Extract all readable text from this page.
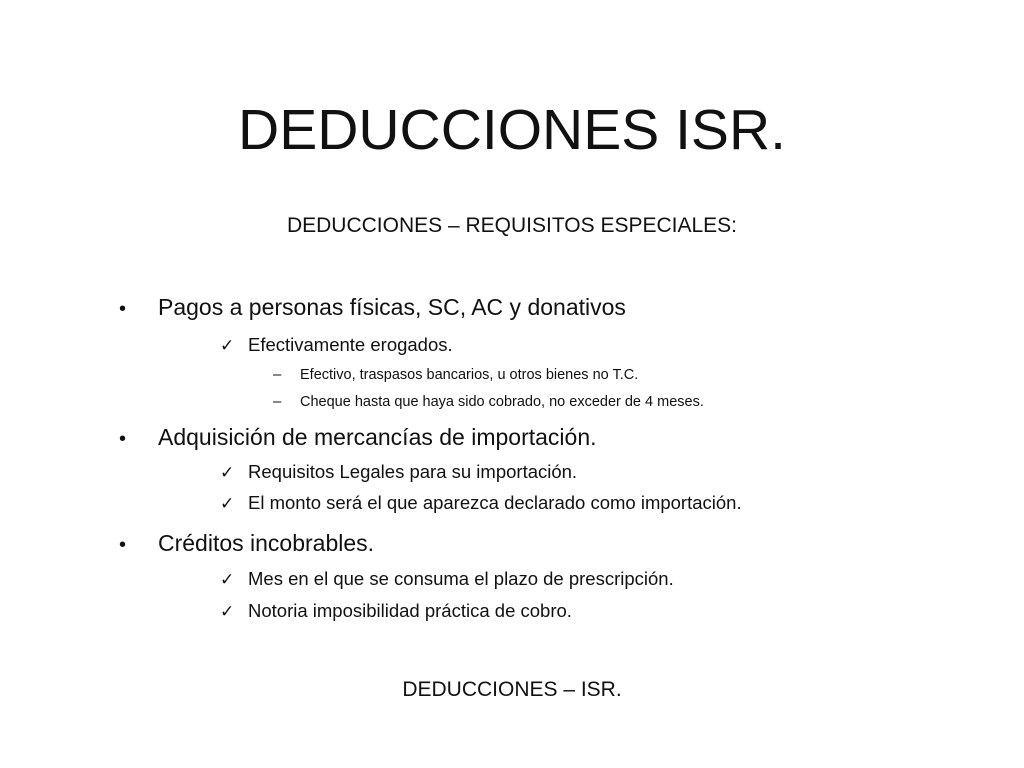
DEDUCCIONES ISR.
DEDUCCIONES – REQUISITOS ESPECIALES:
• Pagos a personas físicas, SC, AC y donativos
✓ Efectivamente erogados.
– Efectivo, traspasos bancarios, u otros bienes no T.C.
– Cheque hasta que haya sido cobrado, no exceder de 4 meses.
• Adquisición de mercancías de importación.
✓ Requisitos Legales para su importación.
✓ El monto será el que aparezca declarado como importación.
• Créditos incobrables.
✓ Mes en el que se consuma el plazo de prescripción.
✓ Notoria imposibilidad práctica de cobro.
DEDUCCIONES – ISR.
